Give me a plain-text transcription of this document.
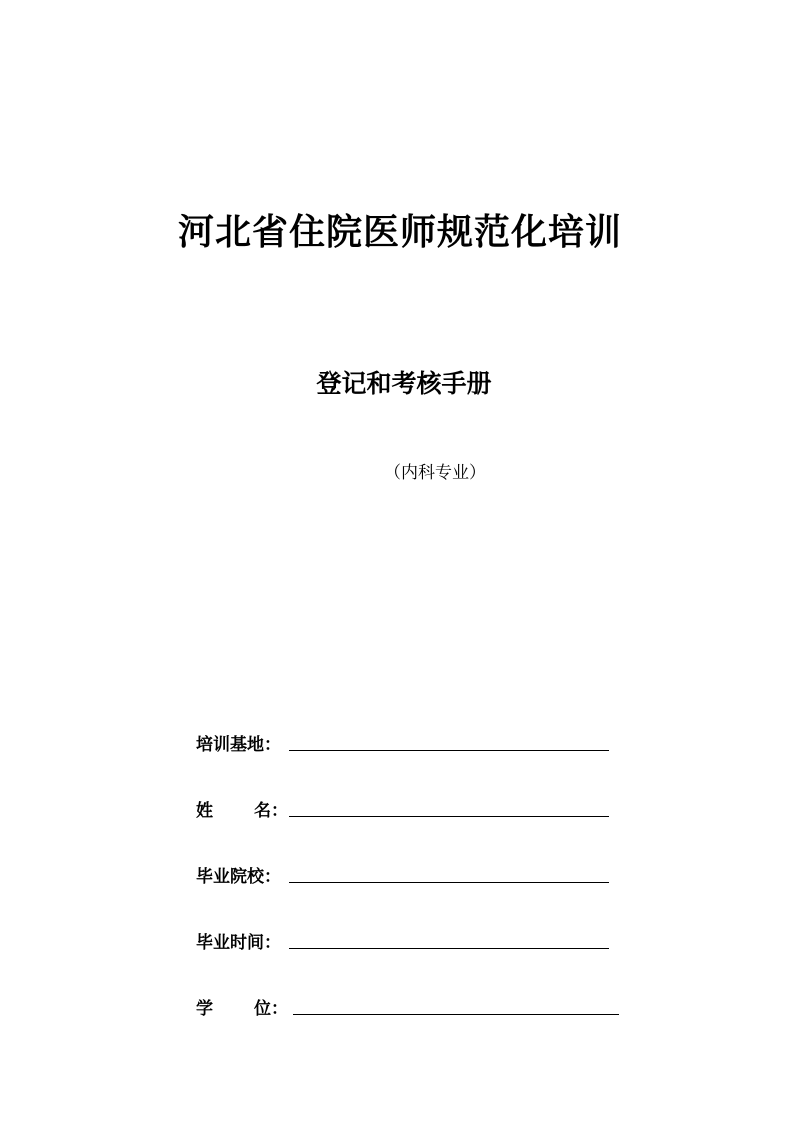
河北省住院医师规范化培训
登记和考核手册
（内科专业）
培训基地：
姓 名：
毕业院校：
毕业时间：
学 位：
